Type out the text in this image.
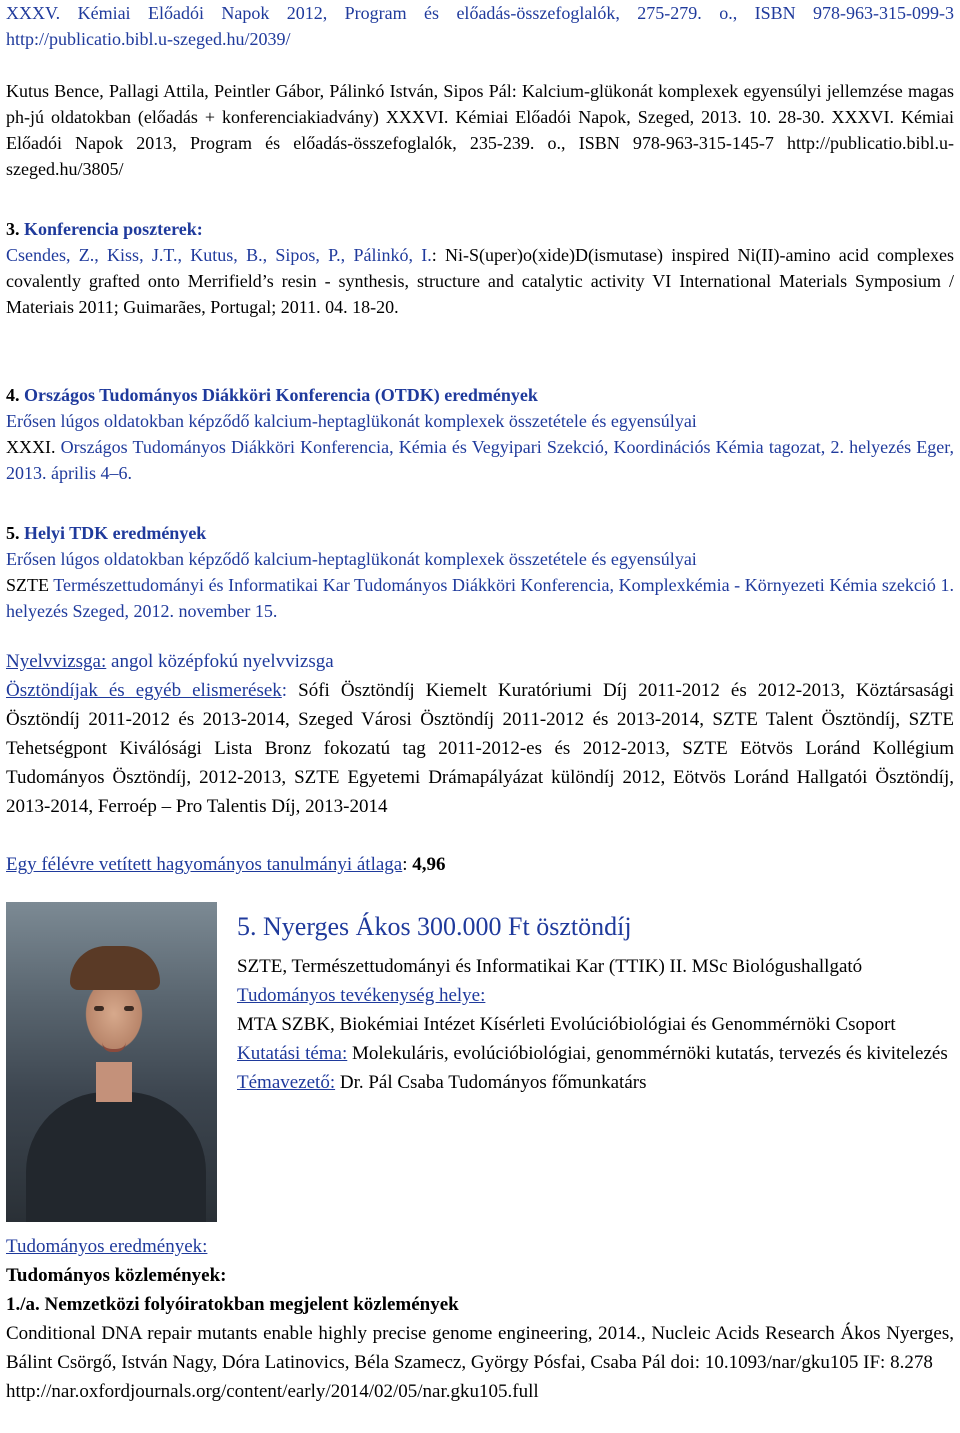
XXXV. Kémiai Előadói Napok 2012, Program és előadás-összefoglalók, 275-279. o., ISBN 978-963-315-099-3 http://publicatio.bibl.u-szeged.hu/2039/
Kutus Bence, Pallagi Attila, Peintler Gábor, Pálinkó István, Sipos Pál: Kalcium-glükonát komplexek egyensúlyi jellemzése magas ph-jú oldatokban (előadás + konferenciakiadvány) XXXVI. Kémiai Előadói Napok, Szeged, 2013. 10. 28-30. XXXVI. Kémiai Előadói Napok 2013, Program és előadás-összefoglalók, 235-239. o., ISBN 978-963-315-145-7 http://publicatio.bibl.u-szeged.hu/3805/
3. Konferencia poszterek:
Csendes, Z., Kiss, J.T., Kutus, B., Sipos, P., Pálinkó, I.: Ni-S(uper)o(xide)D(ismutase) inspired Ni(II)-amino acid complexes covalently grafted onto Merrifield’s resin - synthesis, structure and catalytic activity VI International Materials Symposium / Materiais 2011; Guimarães, Portugal; 2011. 04. 18-20.
4. Országos Tudományos Diákköri Konferencia (OTDK) eredmények
Erősen lúgos oldatokban képződő kalcium-heptaglükonát komplexek összetétele és egyensúlyai
XXXI. Országos Tudományos Diákköri Konferencia, Kémia és Vegyipari Szekció, Koordinációs Kémia tagozat, 2. helyezés Eger, 2013. április 4–6.
5. Helyi TDK eredmények
Erősen lúgos oldatokban képződő kalcium-heptaglükonát komplexek összetétele és egyensúlyai
SZTE Természettudományi és Informatikai Kar Tudományos Diákköri Konferencia, Komplexkémia - Környezeti Kémia szekció 1. helyezés Szeged, 2012. november 15.
Nyelvvizsga: angol középfokú nyelvvizsga
Ösztöndíjak és egyéb elismerések: Sófi Ösztöndíj Kiemelt Kuratóriumi Díj 2011-2012 és 2012-2013, Köztársasági Ösztöndíj 2011-2012 és 2013-2014, Szeged Városi Ösztöndíj 2011-2012 és 2013-2014, SZTE Talent Ösztöndíj, SZTE Tehetségpont Kiválósági Lista Bronz fokozatú tag 2011-2012-es és 2012-2013, SZTE Eötvös Loránd Kollégium Tudományos Ösztöndíj, 2012-2013, SZTE Egyetemi Drámapályázat különdíj 2012, Eötvös Loránd Hallgatói Ösztöndíj, 2013-2014, Ferroép – Pro Talentis Díj, 2013-2014
Egy félévre vetített hagyományos tanulmányi átlaga: 4,96
5. Nyerges Ákos 300.000 Ft ösztöndíj
SZTE, Természettudományi és Informatikai Kar (TTIK) II. MSc Biológushallgató
Tudományos tevékenység helye:
MTA SZBK, Biokémiai Intézet Kísérleti Evolúcióbiológiai és Genommérnöki Csoport
Kutatási téma: Molekuláris, evolúcióbiológiai, genommérnöki kutatás, tervezés és kivitelezés
Témavezető: Dr. Pál Csaba Tudományos főmunkatárs
Tudományos eredmények:
Tudományos közlemények:
1./a. Nemzetközi folyóiratokban megjelent közlemények
Conditional DNA repair mutants enable highly precise genome engineering, 2014., Nucleic Acids Research Ákos Nyerges, Bálint Csörgő, István Nagy, Dóra Latinovics, Béla Szamecz, György Pósfai, Csaba Pál doi: 10.1093/nar/gku105 IF: 8.278
http://nar.oxfordjournals.org/content/early/2014/02/05/nar.gku105.full
